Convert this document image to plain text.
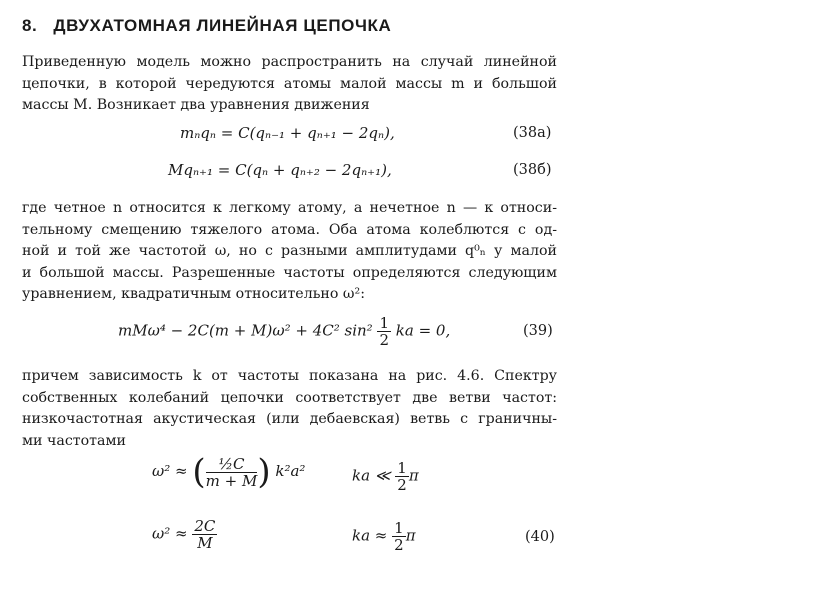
8. ДВУХАТОМНАЯ ЛИНЕЙНАЯ ЦЕПОЧКА
Приведенную модель можно распространить на случай линейной
цепочки, в которой чередуются атомы малой массы m и большой
массы M. Возникает два уравнения движения
mₙqₙ = C(qₙ₋₁ + qₙ₊₁ − 2qₙ),	(38а)
Mqₙ₊₁ = C(qₙ + qₙ₊₂ − 2qₙ₊₁),	(38б)
где четное n относится к легкому атому, а нечетное n — к относи-
тельному смещению тяжелого атома. Оба атома колеблются с од-
ной и той же частотой ω, но с разными амплитудами q⁰ₙ у малой
и большой массы. Разрешенные частоты определяются следующим
уравнением, квадратичным относительно ω²:
mMω⁴ − 2C(m + M)ω² + 4C² $\sin^2 \frac{1}{2}$ ka = 0,	(39)
причем зависимость k от частоты показана на рис. 4.6. Спектру
собственных колебаний цепочки соответствует две ветви частот:
низкочастотная акустическая (или дебаевская) ветвь с граничны-
ми частотами
ω² ≈ ( $\frac{\text{½C}}{m + M}$ ) k²a²	ka ≪ $\frac{1}{2}$ π
$\omega^2 \approx \frac{2C}{M}$	ka ≈ $\frac{1}{2}$ π	(40)
